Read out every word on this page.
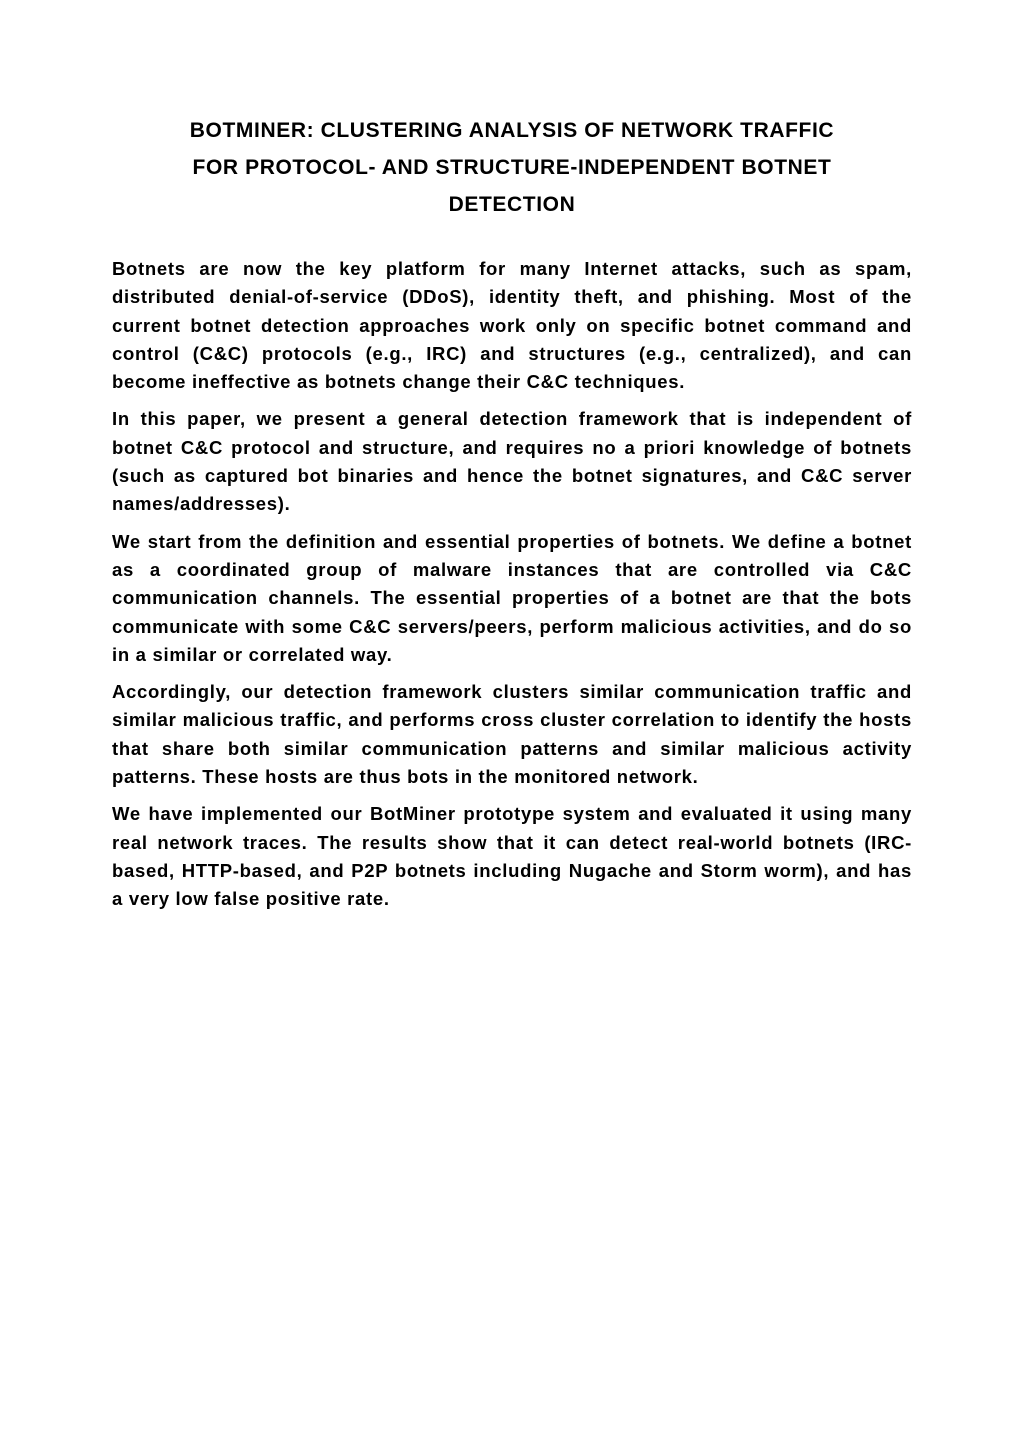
BOTMINER: CLUSTERING ANALYSIS OF NETWORK TRAFFIC
FOR PROTOCOL- AND STRUCTURE-INDEPENDENT BOTNET
DETECTION

Botnets are now the key platform for many Internet attacks, such as spam, distributed denial-of-service (DDoS), identity theft, and phishing. Most of the current botnet detection approaches work only on specific botnet command and control (C&C) protocols (e.g., IRC) and structures (e.g., centralized), and can become ineffective as botnets change their C&C techniques.

In this paper, we present a general detection framework that is independent of botnet C&C protocol and structure, and requires no a priori knowledge of botnets (such as captured bot binaries and hence the botnet signatures, and C&C server names/addresses).

We start from the definition and essential properties of botnets. We define a botnet as a coordinated group of malware instances that are controlled via C&C communication channels. The essential properties of a botnet are that the bots communicate with some C&C servers/peers, perform malicious activities, and do so in a similar or correlated way.

Accordingly, our detection framework clusters similar communication traffic and similar malicious traffic, and performs cross cluster correlation to identify the hosts that share both similar communication patterns and similar malicious activity patterns. These hosts are thus bots in the monitored network.

We have implemented our BotMiner prototype system and evaluated it using many real network traces. The results show that it can detect real-world botnets (IRC-based, HTTP-based, and P2P botnets including Nugache and Storm worm), and has a very low false positive rate.
